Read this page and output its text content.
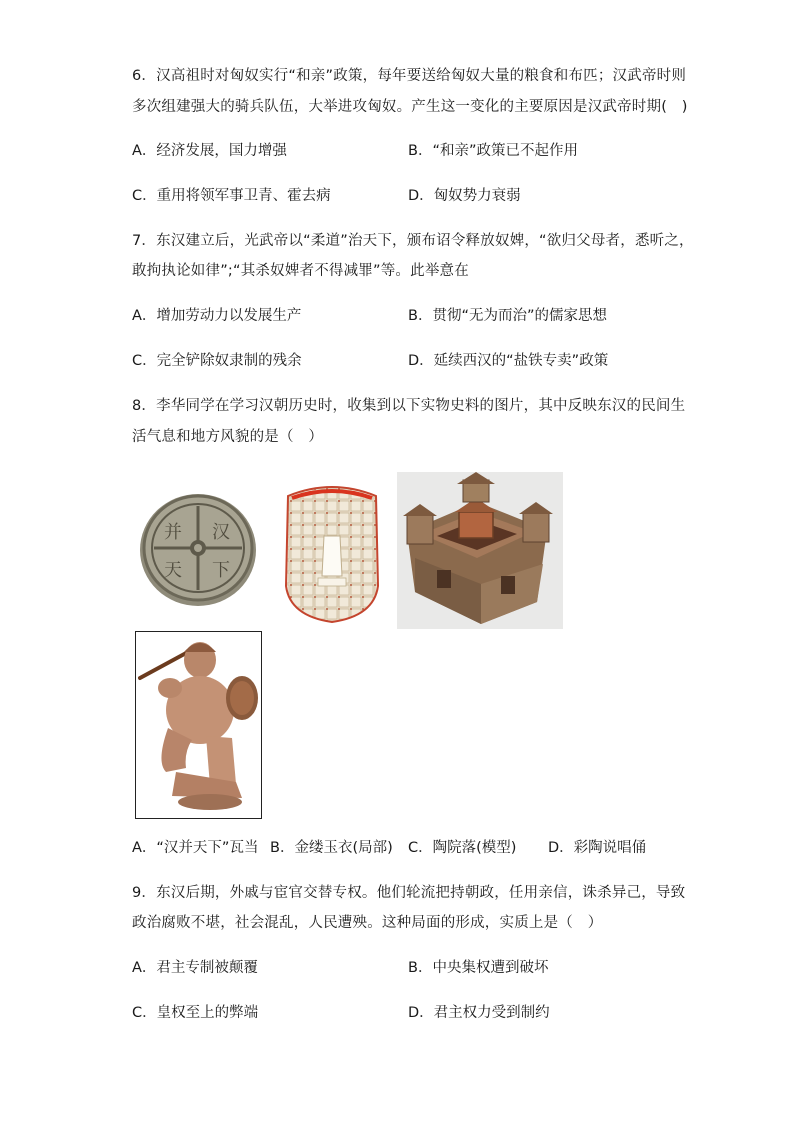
6．汉高祖时对匈奴实行“和亲”政策，每年要送给匈奴大量的粮食和布匹；汉武帝时则
多次组建强大的骑兵队伍，大举进攻匈奴。产生这一变化的主要原因是汉武帝时期(　)
A．经济发展，国力增强	B．“和亲”政策已不起作用
C．重用将领军事卫青、霍去病	D．匈奴势力衰弱
7．东汉建立后，光武帝以“柔道”治天下，颁布诏令释放奴婢，“欲归父母者，悉听之，
敢拘执论如律”;“其杀奴婢者不得减罪”等。此举意在
A．增加劳动力以发展生产	B．贯彻“无为而治”的儒家思想
C．完全铲除奴隶制的残余	D．延续西汉的“盐铁专卖”政策
8．李华同学在学习汉朝历史时，收集到以下实物史料的图片，其中反映东汉的民间生
活气息和地方风貌的是（　）
汉
并
天 下
A．“汉并天下”瓦当 B．金缕玉衣(局部) C．陶院落(模型) D．彩陶说唱俑
9．东汉后期，外戚与宦官交替专权。他们轮流把持朝政，任用亲信，诛杀异己，导致
政治腐败不堪，社会混乱，人民遭殃。这种局面的形成，实质上是（　）
A．君主专制被颠覆	B．中央集权遭到破坏
C．皇权至上的弊端	D．君主权力受到制约
